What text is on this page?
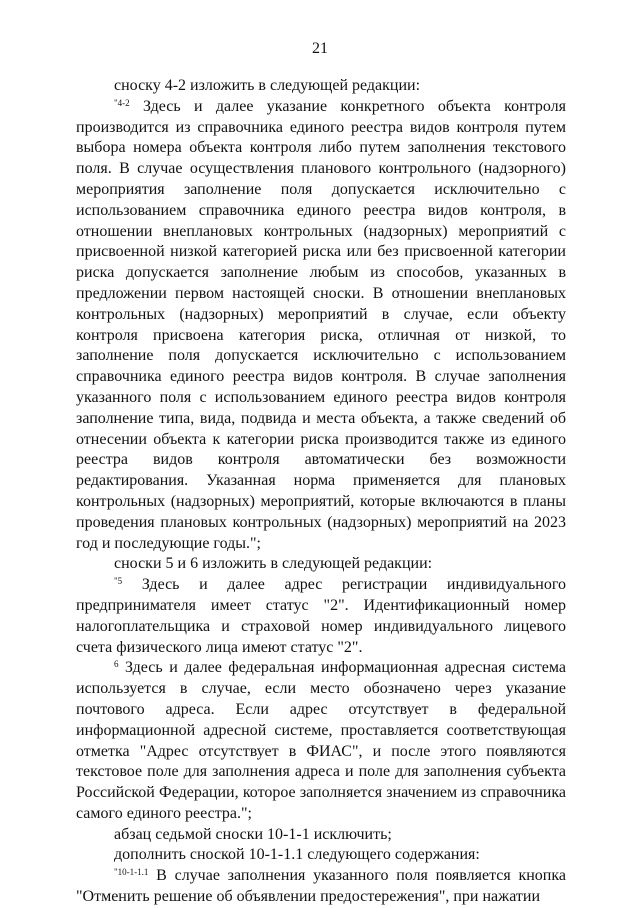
21

сноску 4-2 изложить в следующей редакции:

$^{"4-2}$ Здесь и далее указание конкретного объекта контроля производится из справочника единого реестра видов контроля путем выбора номера объекта контроля либо путем заполнения текстового поля. В случае осуществления планового контрольного (надзорного) мероприятия заполнение поля допускается исключительно с использованием справочника единого реестра видов контроля, в отношении внеплановых контрольных (надзорных) мероприятий с присвоенной низкой категорией риска или без присвоенной категории риска допускается заполнение любым из способов, указанных в предложении первом настоящей сноски. В отношении внеплановых контрольных (надзорных) мероприятий в случае, если объекту контроля присвоена категория риска, отличная от низкой, то заполнение поля допускается исключительно с использованием справочника единого реестра видов контроля. В случае заполнения указанного поля с использованием единого реестра видов контроля заполнение типа, вида, подвида и места объекта, а также сведений об отнесении объекта к категории риска производится также из единого реестра видов контроля автоматически без возможности редактирования. Указанная норма применяется для плановых контрольных (надзорных) мероприятий, которые включаются в планы проведения плановых контрольных (надзорных) мероприятий на 2023 год и последующие годы.";

сноски 5 и 6 изложить в следующей редакции:

$^{"5}$ Здесь и далее адрес регистрации индивидуального предпринимателя имеет статус "2". Идентификационный номер налогоплательщика и страховой номер индивидуального лицевого счета физического лица имеют статус "2".

$^6$ Здесь и далее федеральная информационная адресная система используется в случае, если место обозначено через указание почтового адреса. Если адрес отсутствует в федеральной информационной адресной системе, проставляется соответствующая отметка "Адрес отсутствует в ФИАС", и после этого появляются текстовое поле для заполнения адреса и поле для заполнения субъекта Российской Федерации, которое заполняется значением из справочника самого единого реестра.";

абзац седьмой сноски 10-1-1 исключить;

дополнить сноской 10-1-1.1 следующего содержания:

$^{"10-1-1.1}$ В случае заполнения указанного поля появляется кнопка "Отменить решение об объявлении предостережения", при нажатии
